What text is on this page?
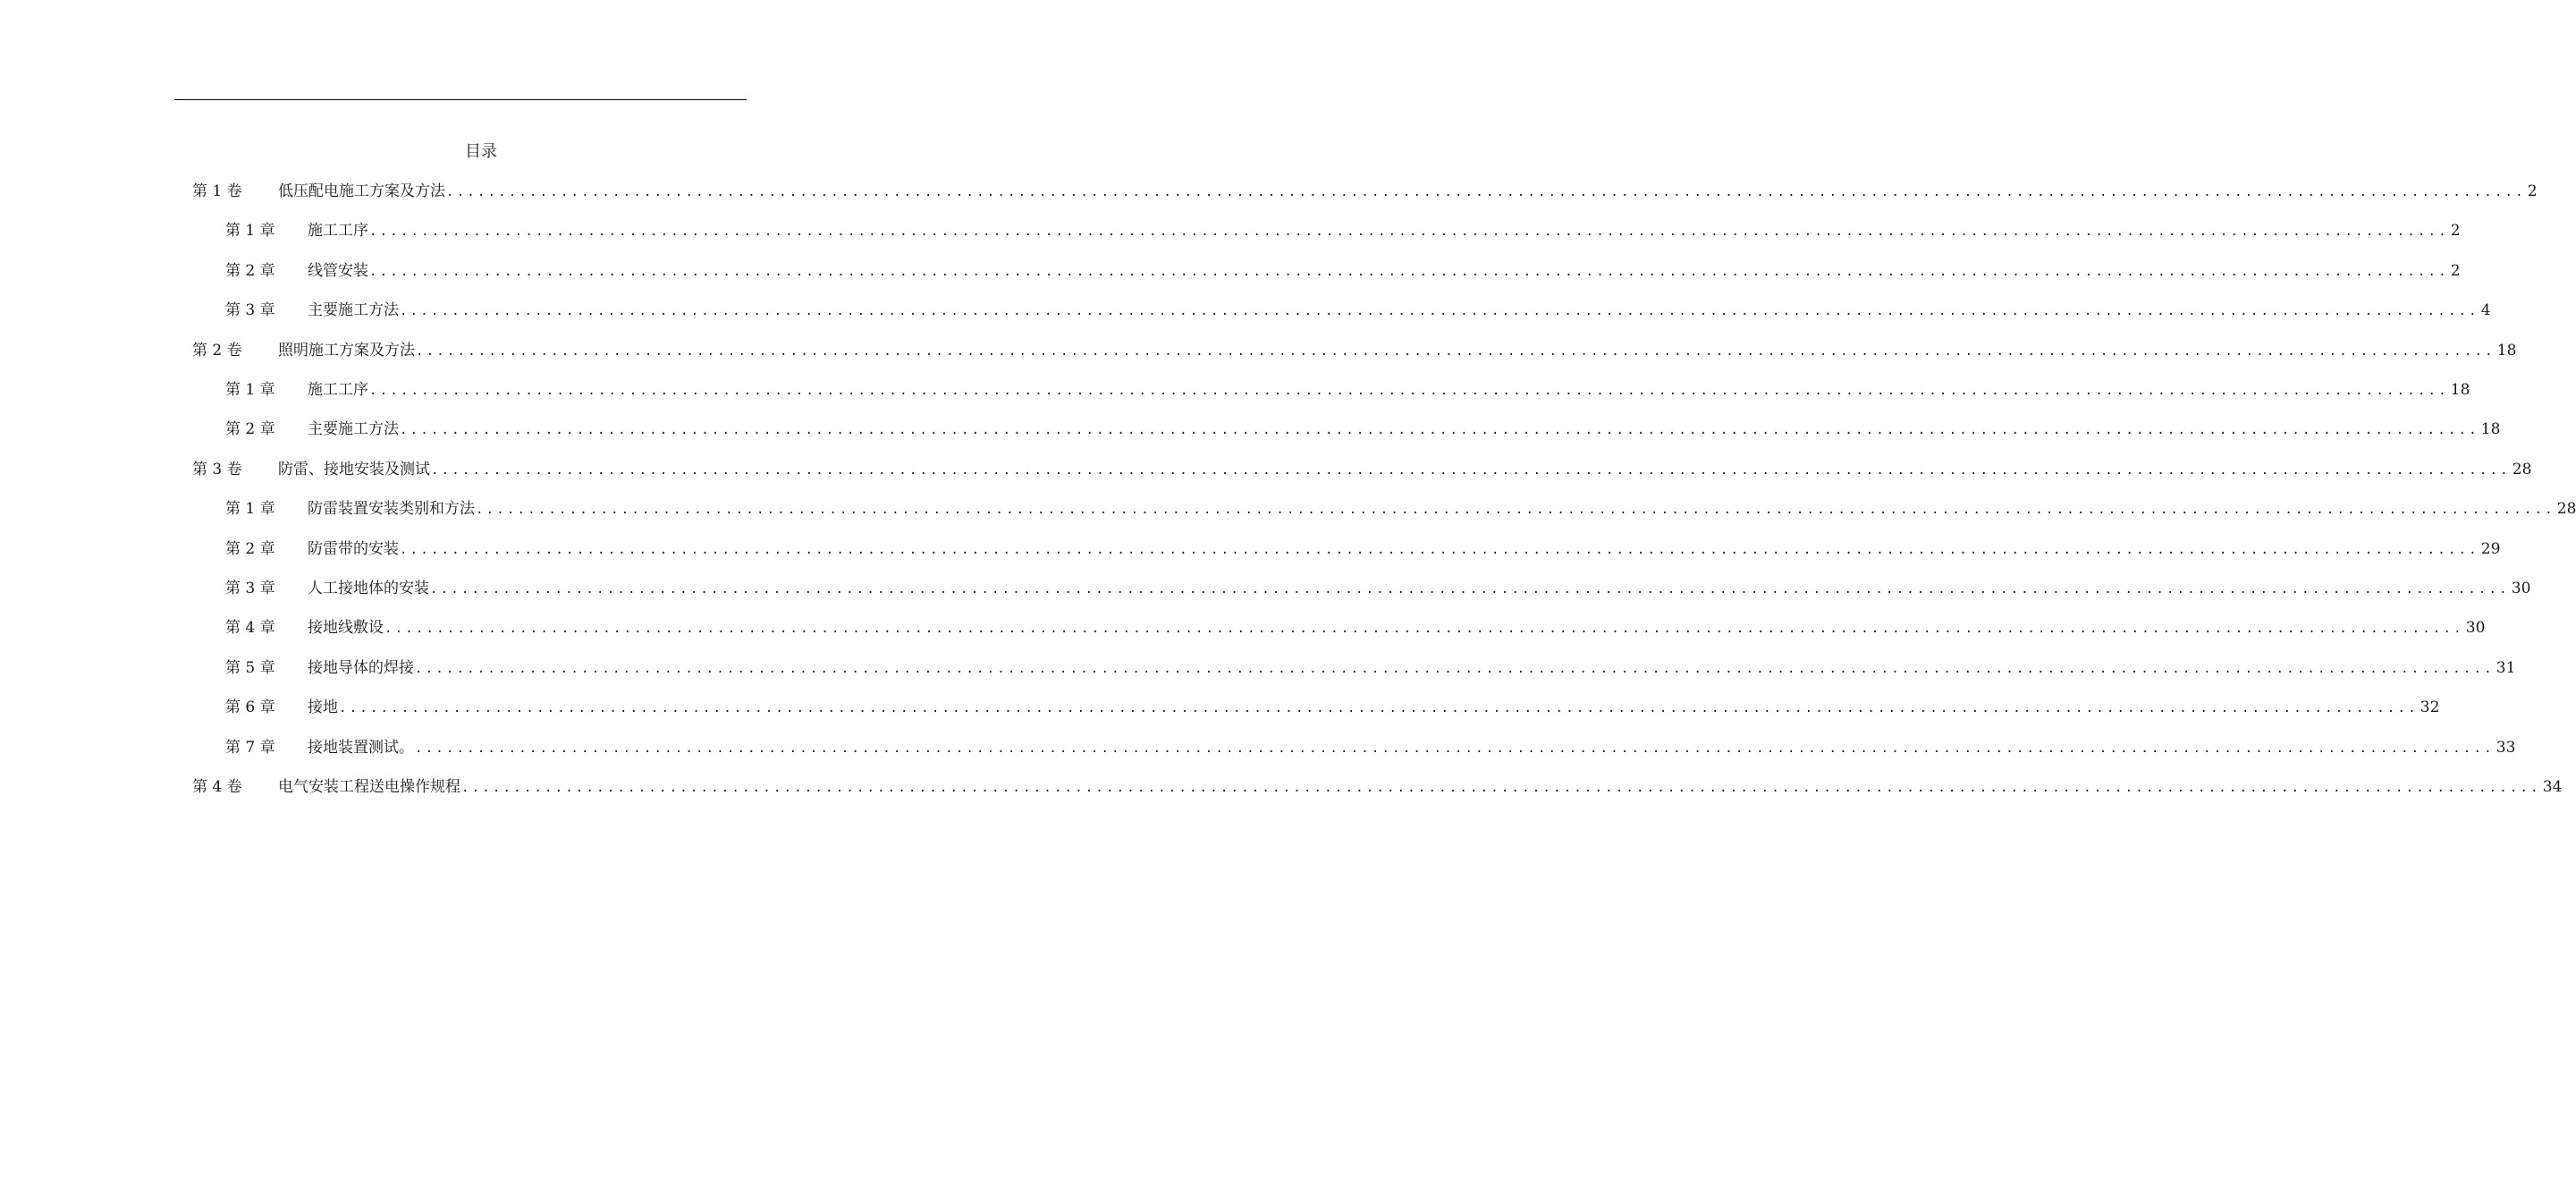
目录
第 1 卷	低压配电施工方案及方法 ........................................................................................................................................................................................................ 2
第 1 章	施工工序 ........................................................................................................................................................................................................ 2
第 2 章	线管安装 ........................................................................................................................................................................................................ 2
第 3 章	主要施工方法 ........................................................................................................................................................................................................ 4
第 2 卷	照明施工方案及方法 ........................................................................................................................................................................................................ 18
第 1 章	施工工序 ........................................................................................................................................................................................................ 18
第 2 章	主要施工方法 ........................................................................................................................................................................................................ 18
第 3 卷	防雷、接地安装及测试 ........................................................................................................................................................................................................ 28
第 1 章	防雷装置安装类别和方法 ........................................................................................................................................................................................................ 28
第 2 章	防雷带的安装 ........................................................................................................................................................................................................ 29
第 3 章	人工接地体的安装 ........................................................................................................................................................................................................ 30
第 4 章	接地线敷设 ........................................................................................................................................................................................................ 30
第 5 章	接地导体的焊接 ........................................................................................................................................................................................................ 31
第 6 章	接地 ........................................................................................................................................................................................................ 32
第 7 章	接地装置测试。 ........................................................................................................................................................................................................ 33
第 4 卷	电气安装工程送电操作规程 ........................................................................................................................................................................................................ 34
